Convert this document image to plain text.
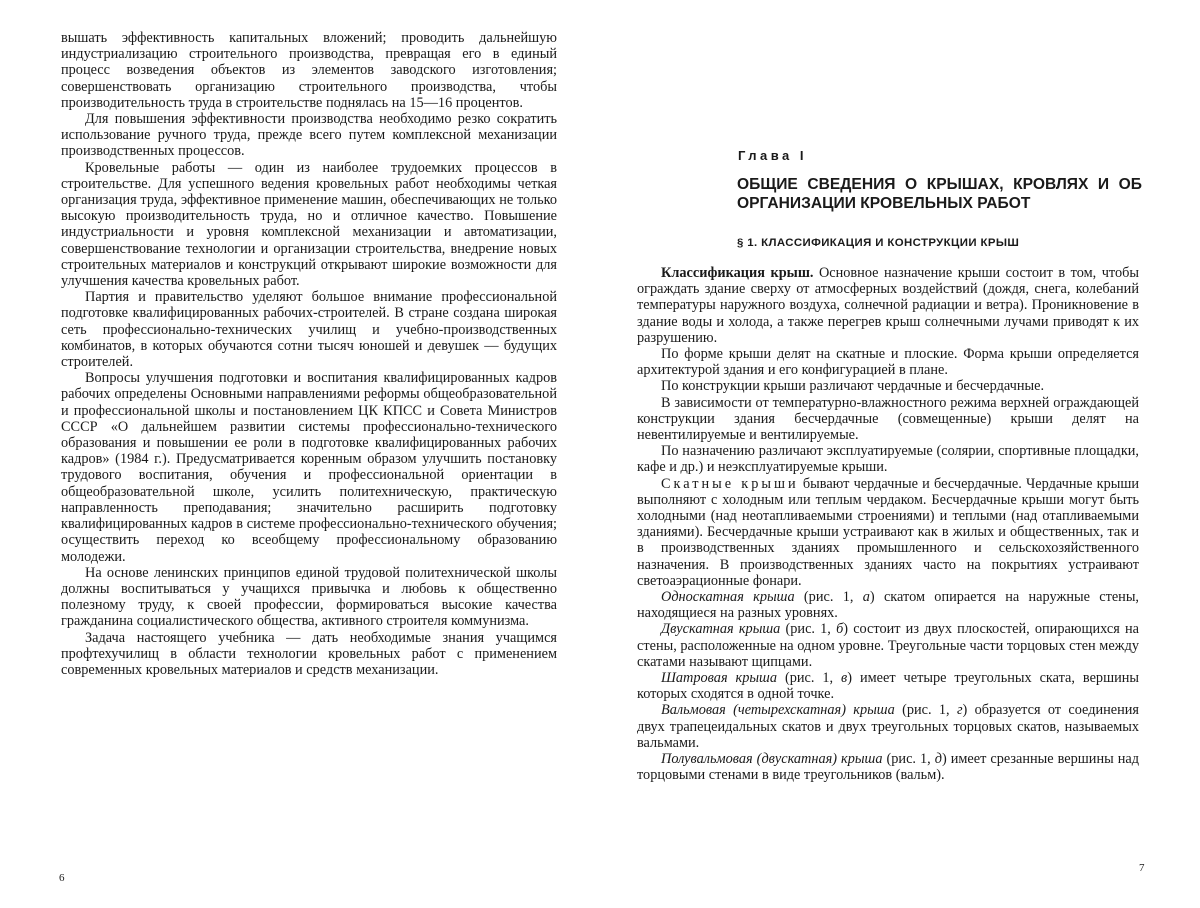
вышать эффективность капитальных вложений; проводить дальнейшую индустриализацию строительного производства, превращая его в единый процесс возведения объектов из элементов заводского изготовления; совершенствовать организацию строительного производства, чтобы производительность труда в строительстве поднялась на 15—16 процентов.

Для повышения эффективности производства необходимо резко сократить использование ручного труда, прежде всего путем комплексной механизации производственных процессов.

Кровельные работы — один из наиболее трудоемких процессов в строительстве. Для успешного ведения кровельных работ необходимы четкая организация труда, эффективное применение машин, обеспечивающих не только высокую производительность труда, но и отличное качество. Повышение индустриальности и уровня комплексной механизации и автоматизации, совершенствование технологии и организации строительства, внедрение новых строительных материалов и конструкций открывают широкие возможности для улучшения качества кровельных работ.

Партия и правительство уделяют большое внимание профессиональной подготовке квалифицированных рабочих-строителей. В стране создана широкая сеть профессионально-технических училищ и учебно-производственных комбинатов, в которых обучаются сотни тысяч юношей и девушек — будущих строителей.

Вопросы улучшения подготовки и воспитания квалифицированных кадров рабочих определены Основными направлениями реформы общеобразовательной и профессиональной школы и постановлением ЦК КПСС и Совета Министров СССР «О дальнейшем развитии системы профессионально-технического образования и повышении ее роли в подготовке квалифицированных рабочих кадров» (1984 г.). Предусматривается коренным образом улучшить постановку трудового воспитания, обучения и профессиональной ориентации в общеобразовательной школе, усилить политехническую, практическую направленность преподавания; значительно расширить подготовку квалифицированных кадров в системе профессионально-технического обучения; осуществить переход ко всеобщему профессиональному образованию молодежи.

На основе ленинских принципов единой трудовой политехнической школы должны воспитываться у учащихся привычка и любовь к общественно полезному труду, к своей профессии, формироваться высокие качества гражданина социалистического общества, активного строителя коммунизма.

Задача настоящего учебника — дать необходимые знания учащимся профтехучилищ в области технологии кровельных работ с применением современных кровельных материалов и средств механизации.

6

Глава I

ОБЩИЕ СВЕДЕНИЯ О КРЫШАХ, КРОВЛЯХ И ОБ ОРГАНИЗАЦИИ КРОВЕЛЬНЫХ РАБОТ
§ 1. КЛАССИФИКАЦИЯ И КОНСТРУКЦИИ КРЫШ

Классификация крыш. Основное назначение крыши состоит в том, чтобы ограждать здание сверху от атмосферных воздействий (дождя, снега, колебаний температуры наружного воздуха, солнечной радиации и ветра). Проникновение в здание воды и холода, а также перегрев крыш солнечными лучами приводят к их разрушению.

По форме крыши делят на скатные и плоские. Форма крыши определяется архитектурой здания и его конфигурацией в плане.

По конструкции крыши различают чердачные и бесчердачные.

В зависимости от температурно-влажностного режима верхней ограждающей конструкции здания бесчердачные (совмещенные) крыши делят на невентилируемые и вентилируемые.

По назначению различают эксплуатируемые (солярии, спортивные площадки, кафе и др.) и неэксплуатируемые крыши.

Скатные крыши бывают чердачные и бесчердачные. Чердачные крыши выполняют с холодным или теплым чердаком. Бесчердачные крыши могут быть холодными (над неотапливаемыми строениями) и теплыми (над отапливаемыми зданиями). Бесчердачные крыши устраивают как в жилых и общественных, так и в производственных зданиях промышленного и сельскохозяйственного назначения. В производственных зданиях часто на покрытиях устраивают светоаэрационные фонари.

Односкатная крыша (рис. 1, а) скатом опирается на наружные стены, находящиеся на разных уровнях.

Двускатная крыша (рис. 1, б) состоит из двух плоскостей, опирающихся на стены, расположенные на одном уровне. Треугольные части торцовых стен между скатами называют щипцами.

Шатровая крыша (рис. 1, в) имеет четыре треугольных ската, вершины которых сходятся в одной точке.

Вальмовая (четырехскатная) крыша (рис. 1, г) образуется от соединения двух трапецеидальных скатов и двух треугольных торцовых скатов, называемых вальмами.

Полувальмовая (двускатная) крыша (рис. 1, д) имеет срезанные вершины над торцовыми стенами в виде треугольников (вальм).

7
